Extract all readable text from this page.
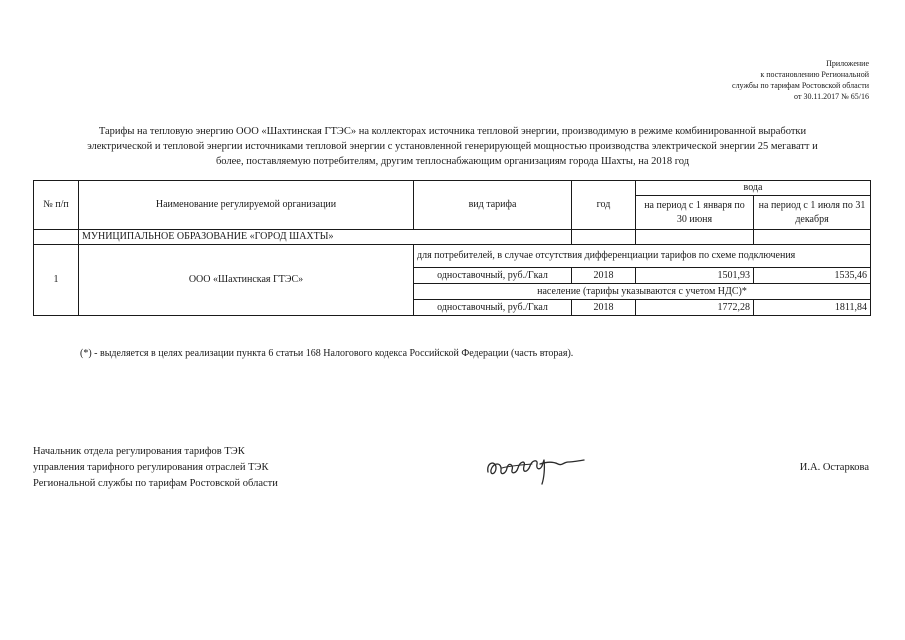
Приложение
к постановлению Региональной
службы по тарифам Ростовской области
от 30.11.2017 № 65/16
Тарифы на тепловую энергию ООО «Шахтинская ГТЭС» на коллекторах источника тепловой энергии, производимую в режиме комбинированной выработки
электрической и тепловой энергии источниками тепловой энергии с установленной генерирующей мощностью производства электрической энергии 25 мегаватт и
более, поставляемую потребителям, другим теплоснабжающим организациям города Шахты, на 2018 год
№ п/п	Наименование регулируемой организации	вид тарифа	год	вода	
				на период с 1 января по 30 июня	на период с 1 июля по 31 декабря
	МУНИЦИПАЛЬНОЕ ОБРАЗОВАНИЕ «ГОРОД ШАХТЫ»				
1	ООО «Шахтинская ГТЭС»	для потребителей, в случае отсутствия дифференциации тарифов по схеме подключения			
		одноставочный, руб./Гкал	2018	1501,93	1535,46
		население (тарифы указываются с учетом НДС)*			
		одноставочный, руб./Гкал	2018	1772,28	1811,84
(*) - выделяется в целях реализации пункта 6 статьи 168 Налогового кодекса Российской Федерации (часть вторая).
Начальник отдела регулирования тарифов ТЭК
управления тарифного регулирования отраслей ТЭК
Региональной службы по тарифам Ростовской области
И.А. Остаркова
